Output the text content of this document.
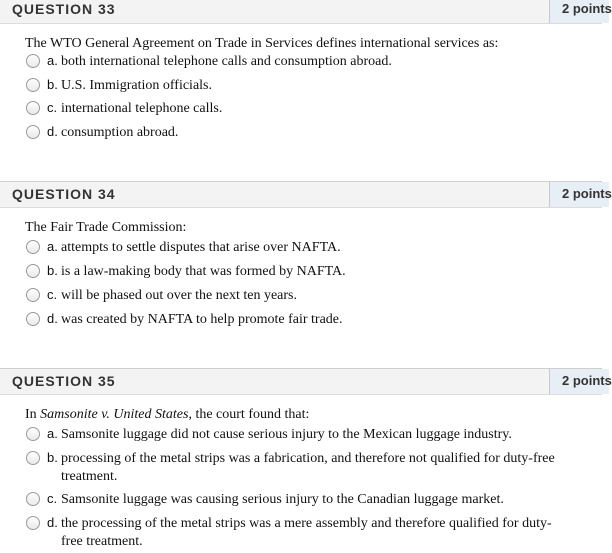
QUESTION 33	2 points
The WTO General Agreement on Trade in Services defines international services as:
a. both international telephone calls and consumption abroad.
b. U.S. Immigration officials.
c. international telephone calls.
d. consumption abroad.
QUESTION 34	2 points
The Fair Trade Commission:
a. attempts to settle disputes that arise over NAFTA.
b. is a law-making body that was formed by NAFTA.
c. will be phased out over the next ten years.
d. was created by NAFTA to help promote fair trade.
QUESTION 35	2 points
In Samsonite v. United States, the court found that:
a. Samsonite luggage did not cause serious injury to the Mexican luggage industry.
b. processing of the metal strips was a fabrication, and therefore not qualified for duty-free treatment.
c. Samsonite luggage was causing serious injury to the Canadian luggage market.
d. the processing of the metal strips was a mere assembly and therefore qualified for duty-free treatment.
